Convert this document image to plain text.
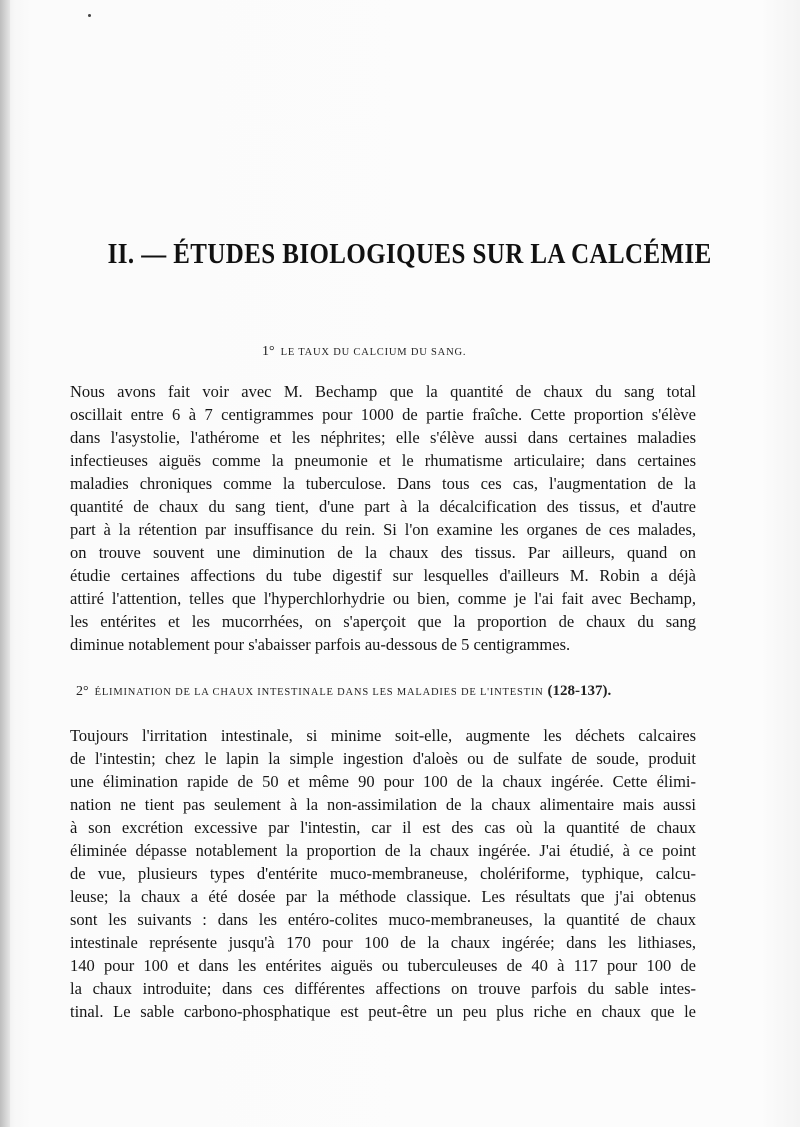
II. — ÉTUDES BIOLOGIQUES SUR LA CALCÉMIE
1° LE TAUX DU CALCIUM DU SANG.
Nous avons fait voir avec M. Bechamp que la quantité de chaux du sang total
oscillait entre 6 à 7 centigrammes pour 1000 de partie fraîche. Cette proportion s'élève
dans l'asystolie, l'athérome et les néphrites; elle s'élève aussi dans certaines maladies
infectieuses aiguës comme la pneumonie et le rhumatisme articulaire; dans certaines
maladies chroniques comme la tuberculose. Dans tous ces cas, l'augmentation de la
quantité de chaux du sang tient, d'une part à la décalcification des tissus, et d'autre
part à la rétention par insuffisance du rein. Si l'on examine les organes de ces malades,
on trouve souvent une diminution de la chaux des tissus. Par ailleurs, quand on
étudie certaines affections du tube digestif sur lesquelles d'ailleurs M. Robin a déjà
attiré l'attention, telles que l'hyperchlorhydrie ou bien, comme je l'ai fait avec Bechamp,
les entérites et les mucorrhées, on s'aperçoit que la proportion de chaux du sang
diminue notablement pour s'abaisser parfois au-dessous de 5 centigrammes.
2° ÉLIMINATION DE LA CHAUX INTESTINALE DANS LES MALADIES DE L'INTESTIN (128-137).
Toujours l'irritation intestinale, si minime soit-elle, augmente les déchets calcaires
de l'intestin; chez le lapin la simple ingestion d'aloès ou de sulfate de soude, produit
une élimination rapide de 50 et même 90 pour 100 de la chaux ingérée. Cette élimi-
nation ne tient pas seulement à la non-assimilation de la chaux alimentaire mais aussi
à son excrétion excessive par l'intestin, car il est des cas où la quantité de chaux
éliminée dépasse notablement la proportion de la chaux ingérée. J'ai étudié, à ce point
de vue, plusieurs types d'entérite muco-membraneuse, cholériforme, typhique, calcu-
leuse; la chaux a été dosée par la méthode classique. Les résultats que j'ai obtenus
sont les suivants : dans les entéro-colites muco-membraneuses, la quantité de chaux
intestinale représente jusqu'à 170 pour 100 de la chaux ingérée; dans les lithiases,
140 pour 100 et dans les entérites aiguës ou tuberculeuses de 40 à 117 pour 100 de
la chaux introduite; dans ces différentes affections on trouve parfois du sable intes-
tinal. Le sable carbono-phosphatique est peut-être un peu plus riche en chaux que le
